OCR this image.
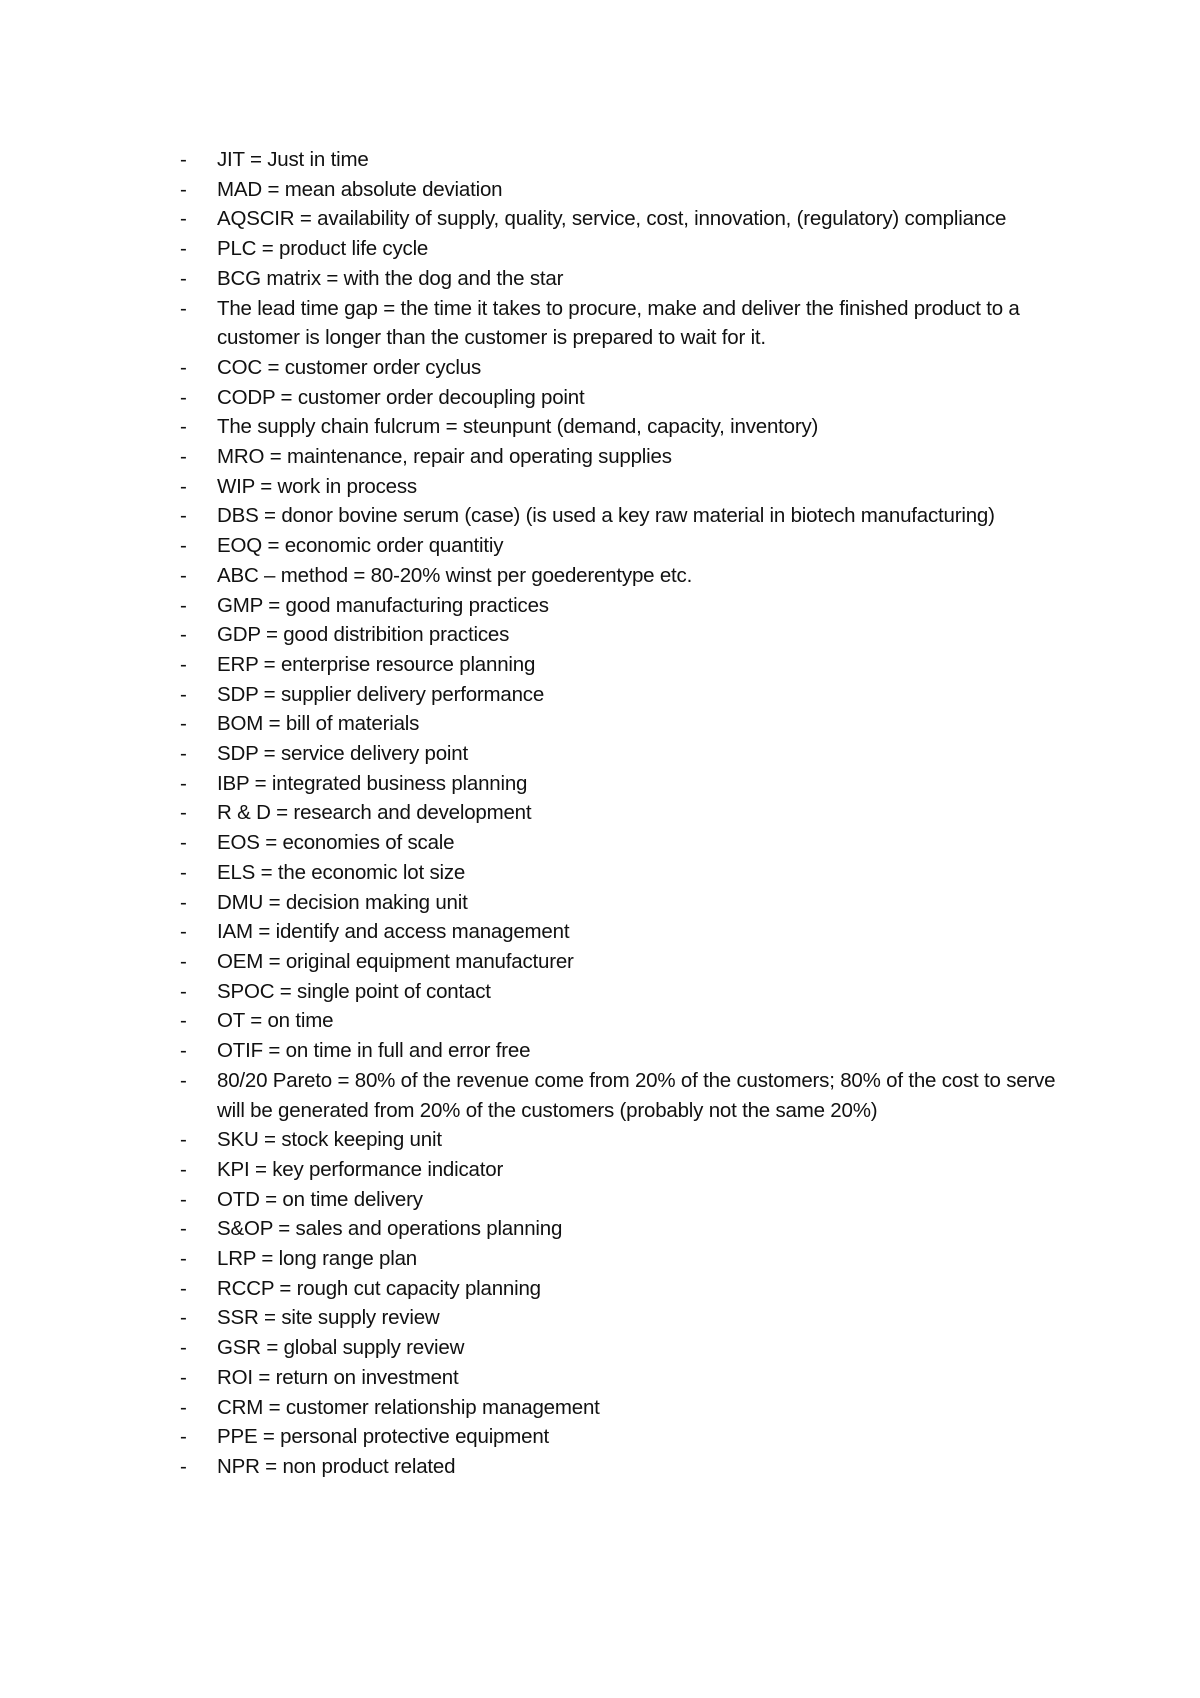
-	JIT = Just in time
-	MAD = mean absolute deviation
-	AQSCIR = availability of supply, quality, service, cost, innovation, (regulatory) compliance
-	PLC = product life cycle
-	BCG matrix = with the dog and the star
-	The lead time gap = the time it takes to procure, make and deliver the finished product to a customer is longer than the customer is prepared to wait for it.
-	COC = customer order cyclus
-	CODP = customer order decoupling point
-	The supply chain fulcrum = steunpunt (demand, capacity, inventory)
-	MRO = maintenance, repair and operating supplies
-	WIP = work in process
-	DBS = donor bovine serum (case) (is used a key raw material in biotech manufacturing)
-	EOQ = economic order quantitiy
-	ABC – method = 80-20% winst per goederentype etc.
-	GMP = good manufacturing practices
-	GDP = good distribition practices
-	ERP = enterprise resource planning
-	SDP = supplier delivery performance
-	BOM = bill of materials
-	SDP = service delivery point
-	IBP = integrated business planning
-	R & D = research and development
-	EOS = economies of scale
-	ELS = the economic lot size
-	DMU = decision making unit
-	IAM = identify and access management
-	OEM = original equipment manufacturer
-	SPOC = single point of contact
-	OT = on time
-	OTIF = on time in full and error free
-	80/20 Pareto = 80% of the revenue come from 20% of the customers; 80% of the cost to serve will be generated from 20% of the customers (probably not the same 20%)
-	SKU = stock keeping unit
-	KPI = key performance indicator
-	OTD = on time delivery
-	S&OP = sales and operations planning
-	LRP = long range plan
-	RCCP = rough cut capacity planning
-	SSR = site supply review
-	GSR = global supply review
-	ROI = return on investment
-	CRM = customer relationship management
-	PPE = personal protective equipment
-	NPR = non product related
